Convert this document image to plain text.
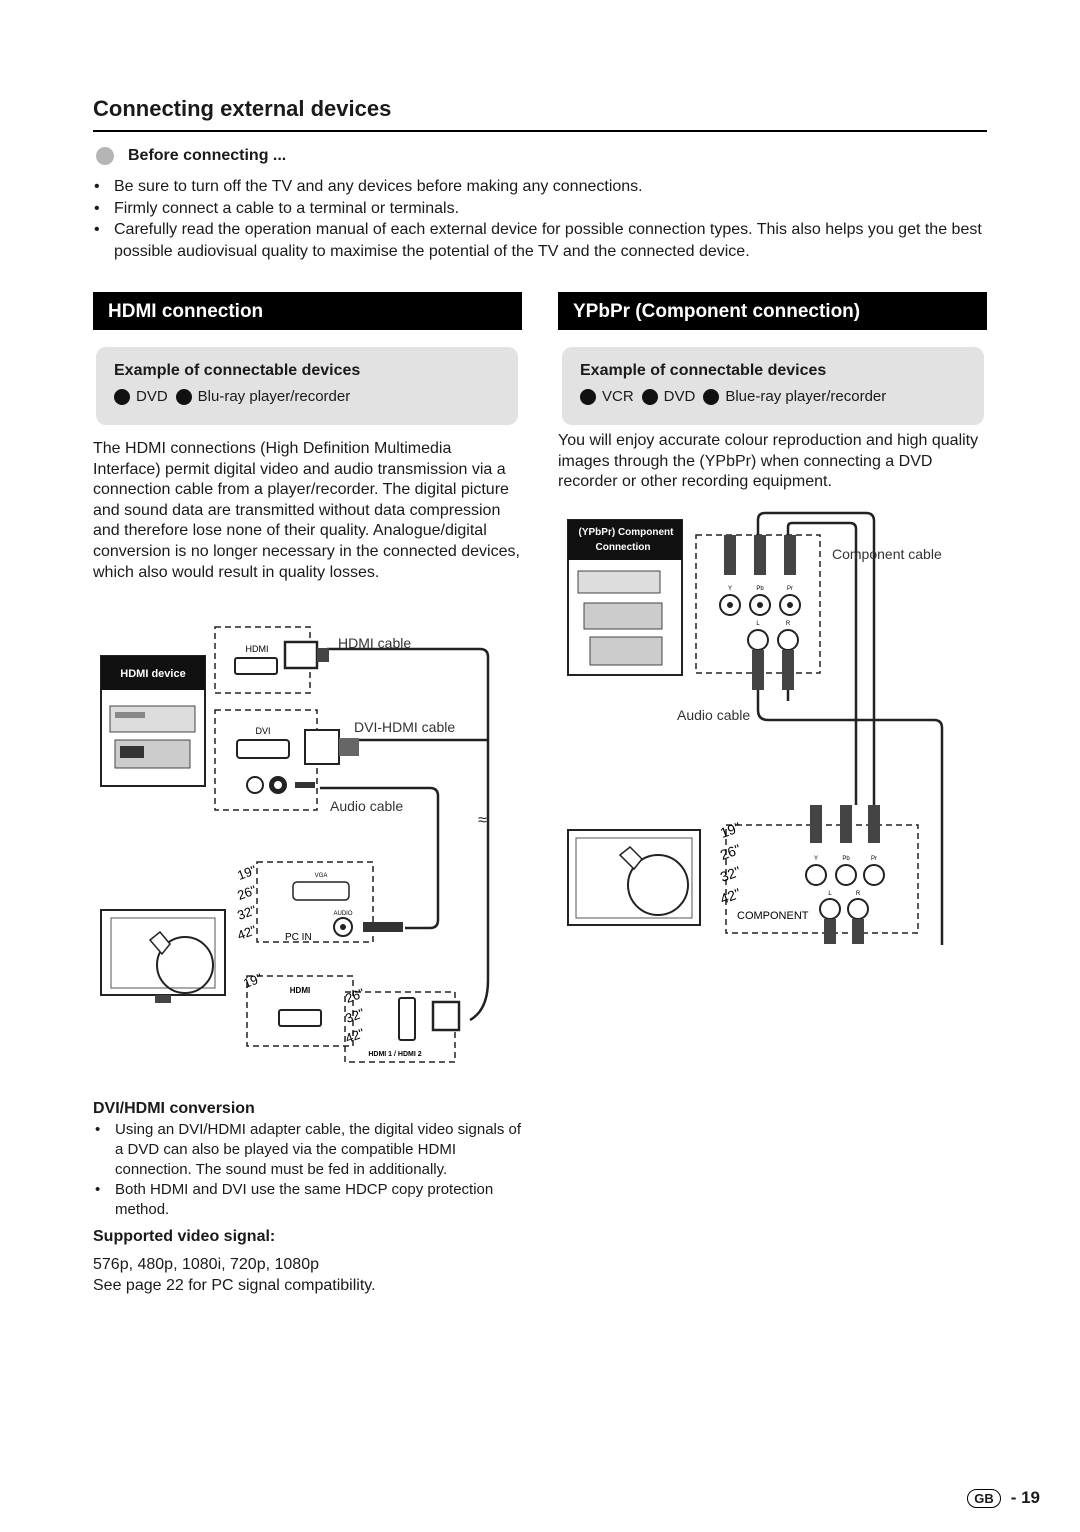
Connecting external devices
Before connecting ...
• Be sure to turn off the TV and any devices before making any connections.
• Firmly connect a cable to a terminal or terminals.
• Carefully read the operation manual of each external device for possible connection types. This also helps you get the best possible audiovisual quality to maximise the potential of the TV and the connected device.
HDMI connection
Example of connectable devices
DVD Blu-ray player/recorder
The HDMI connections (High Definition Multimedia Interface) permit digital video and audio transmission via a connection cable from a player/recorder. The digital picture and sound data are transmitted without data compression and therefore lose none of their quality. Analogue/digital conversion is no longer necessary in the connected devices, which also would result in quality losses.
≈
HDMI device
HDMI	HDMI cable
DVI	DVI-HDMI cable
Audio cable
VGA
AUDIO
PC IN
19"
26"
32"
42"
19"	HDMI	26"
32"
42"
HDMI 1 / HDMI 2
DVI/HDMI conversion
• Using an DVI/HDMI adapter cable, the digital video signals of a DVD can also be played via the compatible HDMI connection. The sound must be fed in additionally.
• Both HDMI and DVI use the same HDCP copy protection method.
Supported video signal:
576p, 480p, 1080i, 720p, 1080p
See page 22 for PC signal compatibility.
YPbPr (Component connection)
Example of connectable devices
VCR DVD Blue-ray player/recorder
You will enjoy accurate colour reproduction and high quality images through the (YPbPr) when connecting a DVD recorder or other recording equipment.
(YPbPr) Component
Connection
Y	Pb	Pr
L	R
Component cable
Audio cable
19"
26"
32"
42"
Y	Pb	Pr
L	R
COMPONENT
GB	- 19
